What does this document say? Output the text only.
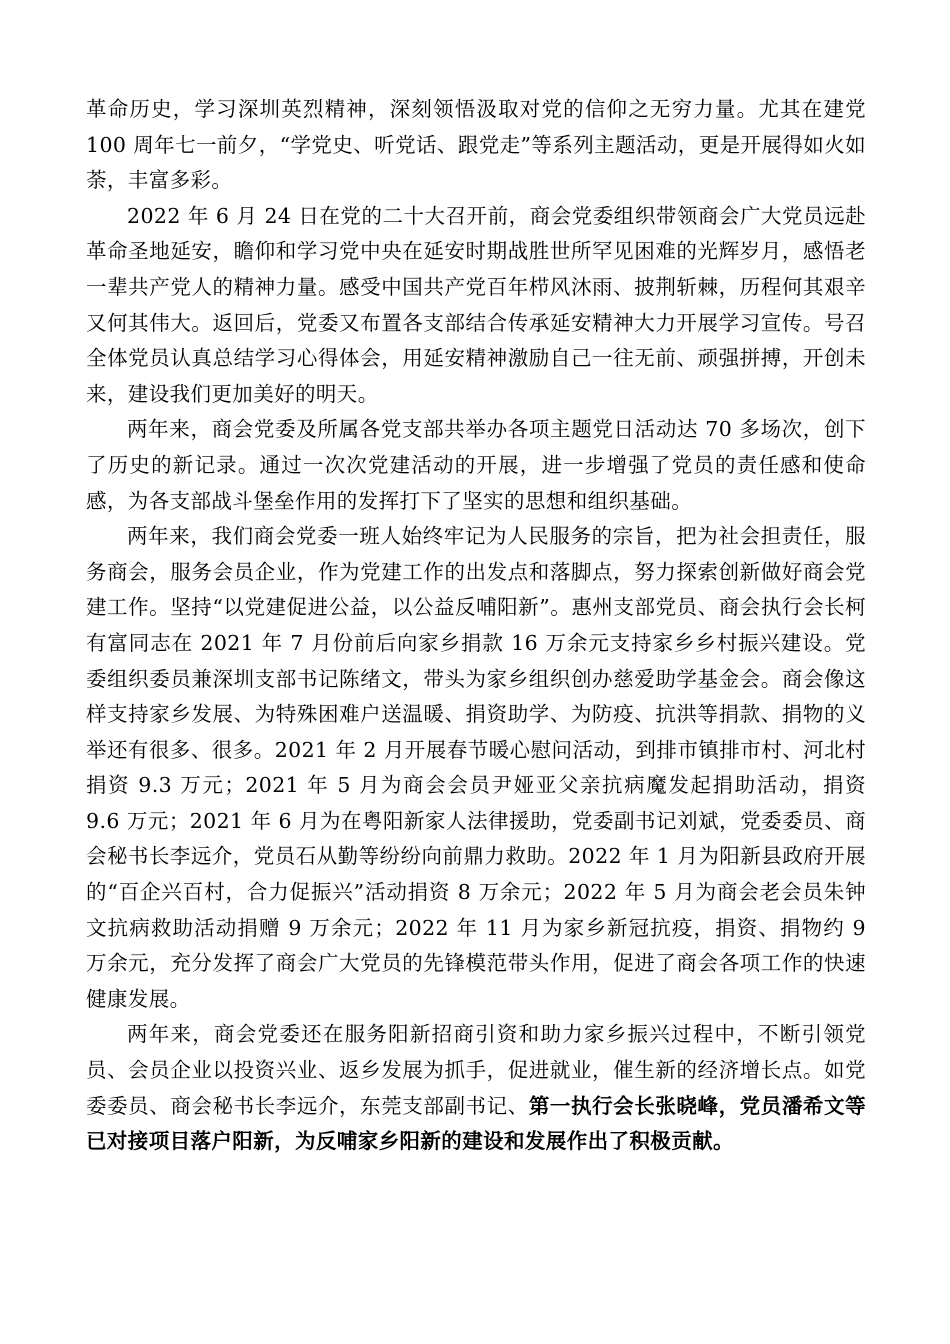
革命历史，学习深圳英烈精神，深刻领悟汲取对党的信仰之无穷力量。尤其在建党 100 周年七一前夕，“学党史、听党话、跟党走”等系列主题活动，更是开展得如火如荼，丰富多彩。

2022 年 6 月 24 日在党的二十大召开前，商会党委组织带领商会广大党员远赴革命圣地延安，瞻仰和学习党中央在延安时期战胜世所罕见困难的光辉岁月，感悟老一辈共产党人的精神力量。感受中国共产党百年栉风沐雨、披荆斩棘，历程何其艰辛又何其伟大。返回后，党委又布置各支部结合传承延安精神大力开展学习宣传。号召全体党员认真总结学习心得体会，用延安精神激励自己一往无前、顽强拼搏，开创未来，建设我们更加美好的明天。

两年来，商会党委及所属各党支部共举办各项主题党日活动达 70 多场次，创下了历史的新记录。通过一次次党建活动的开展，进一步增强了党员的责任感和使命感，为各支部战斗堡垒作用的发挥打下了坚实的思想和组织基础。

两年来，我们商会党委一班人始终牢记为人民服务的宗旨，把为社会担责任，服务商会，服务会员企业，作为党建工作的出发点和落脚点，努力探索创新做好商会党建工作。坚持“以党建促进公益，以公益反哺阳新”。惠州支部党员、商会执行会长柯有富同志在 2021 年 7 月份前后向家乡捐款 16 万余元支持家乡乡村振兴建设。党委组织委员兼深圳支部书记陈绪文，带头为家乡组织创办慈爱助学基金会。商会像这样支持家乡发展、为特殊困难户送温暖、捐资助学、为防疫、抗洪等捐款、捐物的义举还有很多、很多。2021 年 2 月开展春节暖心慰问活动，到排市镇排市村、河北村捐资 9.3 万元；2021 年 5 月为商会会员尹娅亚父亲抗病魔发起捐助活动，捐资 9.6 万元；2021 年 6 月为在粤阳新家人法律援助，党委副书记刘斌，党委委员、商会秘书长李远介，党员石从勤等纷纷向前鼎力救助。2022 年 1 月为阳新县政府开展的“百企兴百村，合力促振兴”活动捐资 8 万余元；2022 年 5 月为商会老会员朱钟文抗病救助活动捐赠 9 万余元；2022 年 11 月为家乡新冠抗疫，捐资、捐物约 9 万余元，充分发挥了商会广大党员的先锋模范带头作用，促进了商会各项工作的快速健康发展。

两年来，商会党委还在服务阳新招商引资和助力家乡振兴过程中，不断引领党员、会员企业以投资兴业、返乡发展为抓手，促进就业，催生新的经济增长点。如党委委员、商会秘书长李远介，东莞支部副书记、第一执行会长张晓峰，党员潘希文等已对接项目落户阳新，为反哺家乡阳新的建设和发展作出了积极贡献。
